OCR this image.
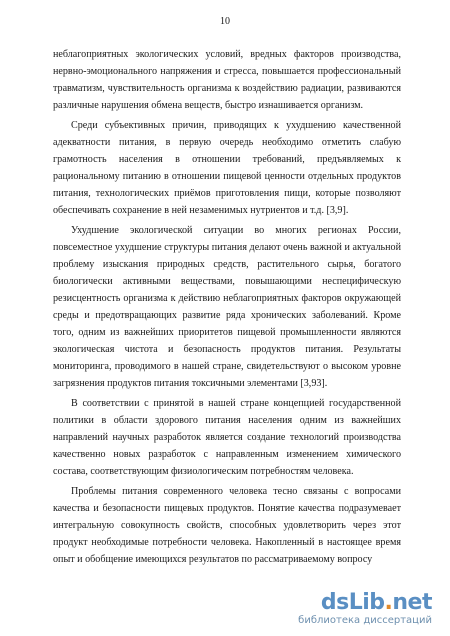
10

неблагоприятных экологических условий, вредных факторов производства, нервно-эмоционального напряжения и стресса, повышается профессиональный травматизм, чувствительность организма к воздействию радиации, развиваются различные нарушения обмена веществ, быстро изнашивается организм.

Среди субъективных причин, приводящих к ухудшению качественной адекватности питания, в первую очередь необходимо отметить слабую грамотность населения в отношении требований, предъявляемых к рациональному питанию в отношении пищевой ценности отдельных продуктов питания, технологических приёмов приготовления пищи, которые позволяют обеспечивать сохранение в ней незаменимых нутриентов и т.д. [3,9].

Ухудшение экологической ситуации во многих регионах России, повсеместное ухудшение структуры питания делают очень важной и актуальной проблему изыскания природных средств, растительного сырья, богатого биологически активными веществами, повышающими неспецифическую резисцентность организма к действию неблагоприятных факторов окружающей среды и предотвращающих развитие ряда хронических заболеваний. Кроме того, одним из важнейших приоритетов пищевой промышленности являются экологическая чистота и безопасность продуктов питания. Результаты мониторинга, проводимого в нашей стране, свидетельствуют о высоком уровне загрязнения продуктов питания токсичными элементами [3,93].

В соответствии с принятой в нашей стране концепцией государственной политики в области здорового питания населения одним из важнейших направлений научных разработок является создание технологий производства качественно новых разработок с направленным изменением химического состава, соответствующим физиологическим потребностям человека.

Проблемы питания современного человека тесно связаны с вопросами качества и безопасности пищевых продуктов. Понятие качества подразумевает интегральную совокупность свойств, способных удовлетворить через этот продукт необходимые потребности человека. Накопленный в настоящее время опыт и обобщение имеющихся результатов по рассматриваемому вопросу

dsLib.net
библиотека диссертаций
